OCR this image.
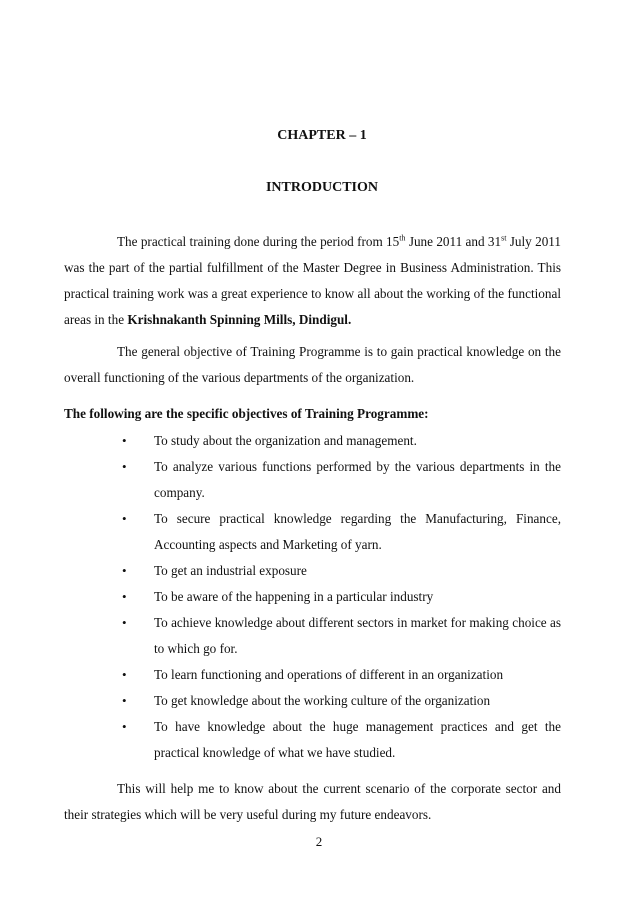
CHAPTER – 1
INTRODUCTION

The practical training done during the period from 15th June 2011 and 31st July 2011 was the part of the partial fulfillment of the Master Degree in Business Administration. This practical training work was a great experience to know all about the working of the functional areas in the Krishnakanth Spinning Mills, Dindigul.

The general objective of Training Programme is to gain practical knowledge on the overall functioning of the various departments of the organization.

The following are the specific objectives of Training Programme:
• To study about the organization and management.
• To analyze various functions performed by the various departments in the company.
• To secure practical knowledge regarding the Manufacturing, Finance, Accounting aspects and Marketing of yarn.
• To get an industrial exposure
• To be aware of the happening in a particular industry
• To achieve knowledge about different sectors in market for making choice as to which go for.
• To learn functioning and operations of different in an organization
• To get knowledge about the working culture of the organization
• To have knowledge about the huge management practices and get the practical knowledge of what we have studied.

This will help me to know about the current scenario of the corporate sector and their strategies which will be very useful during my future endeavors.

2
